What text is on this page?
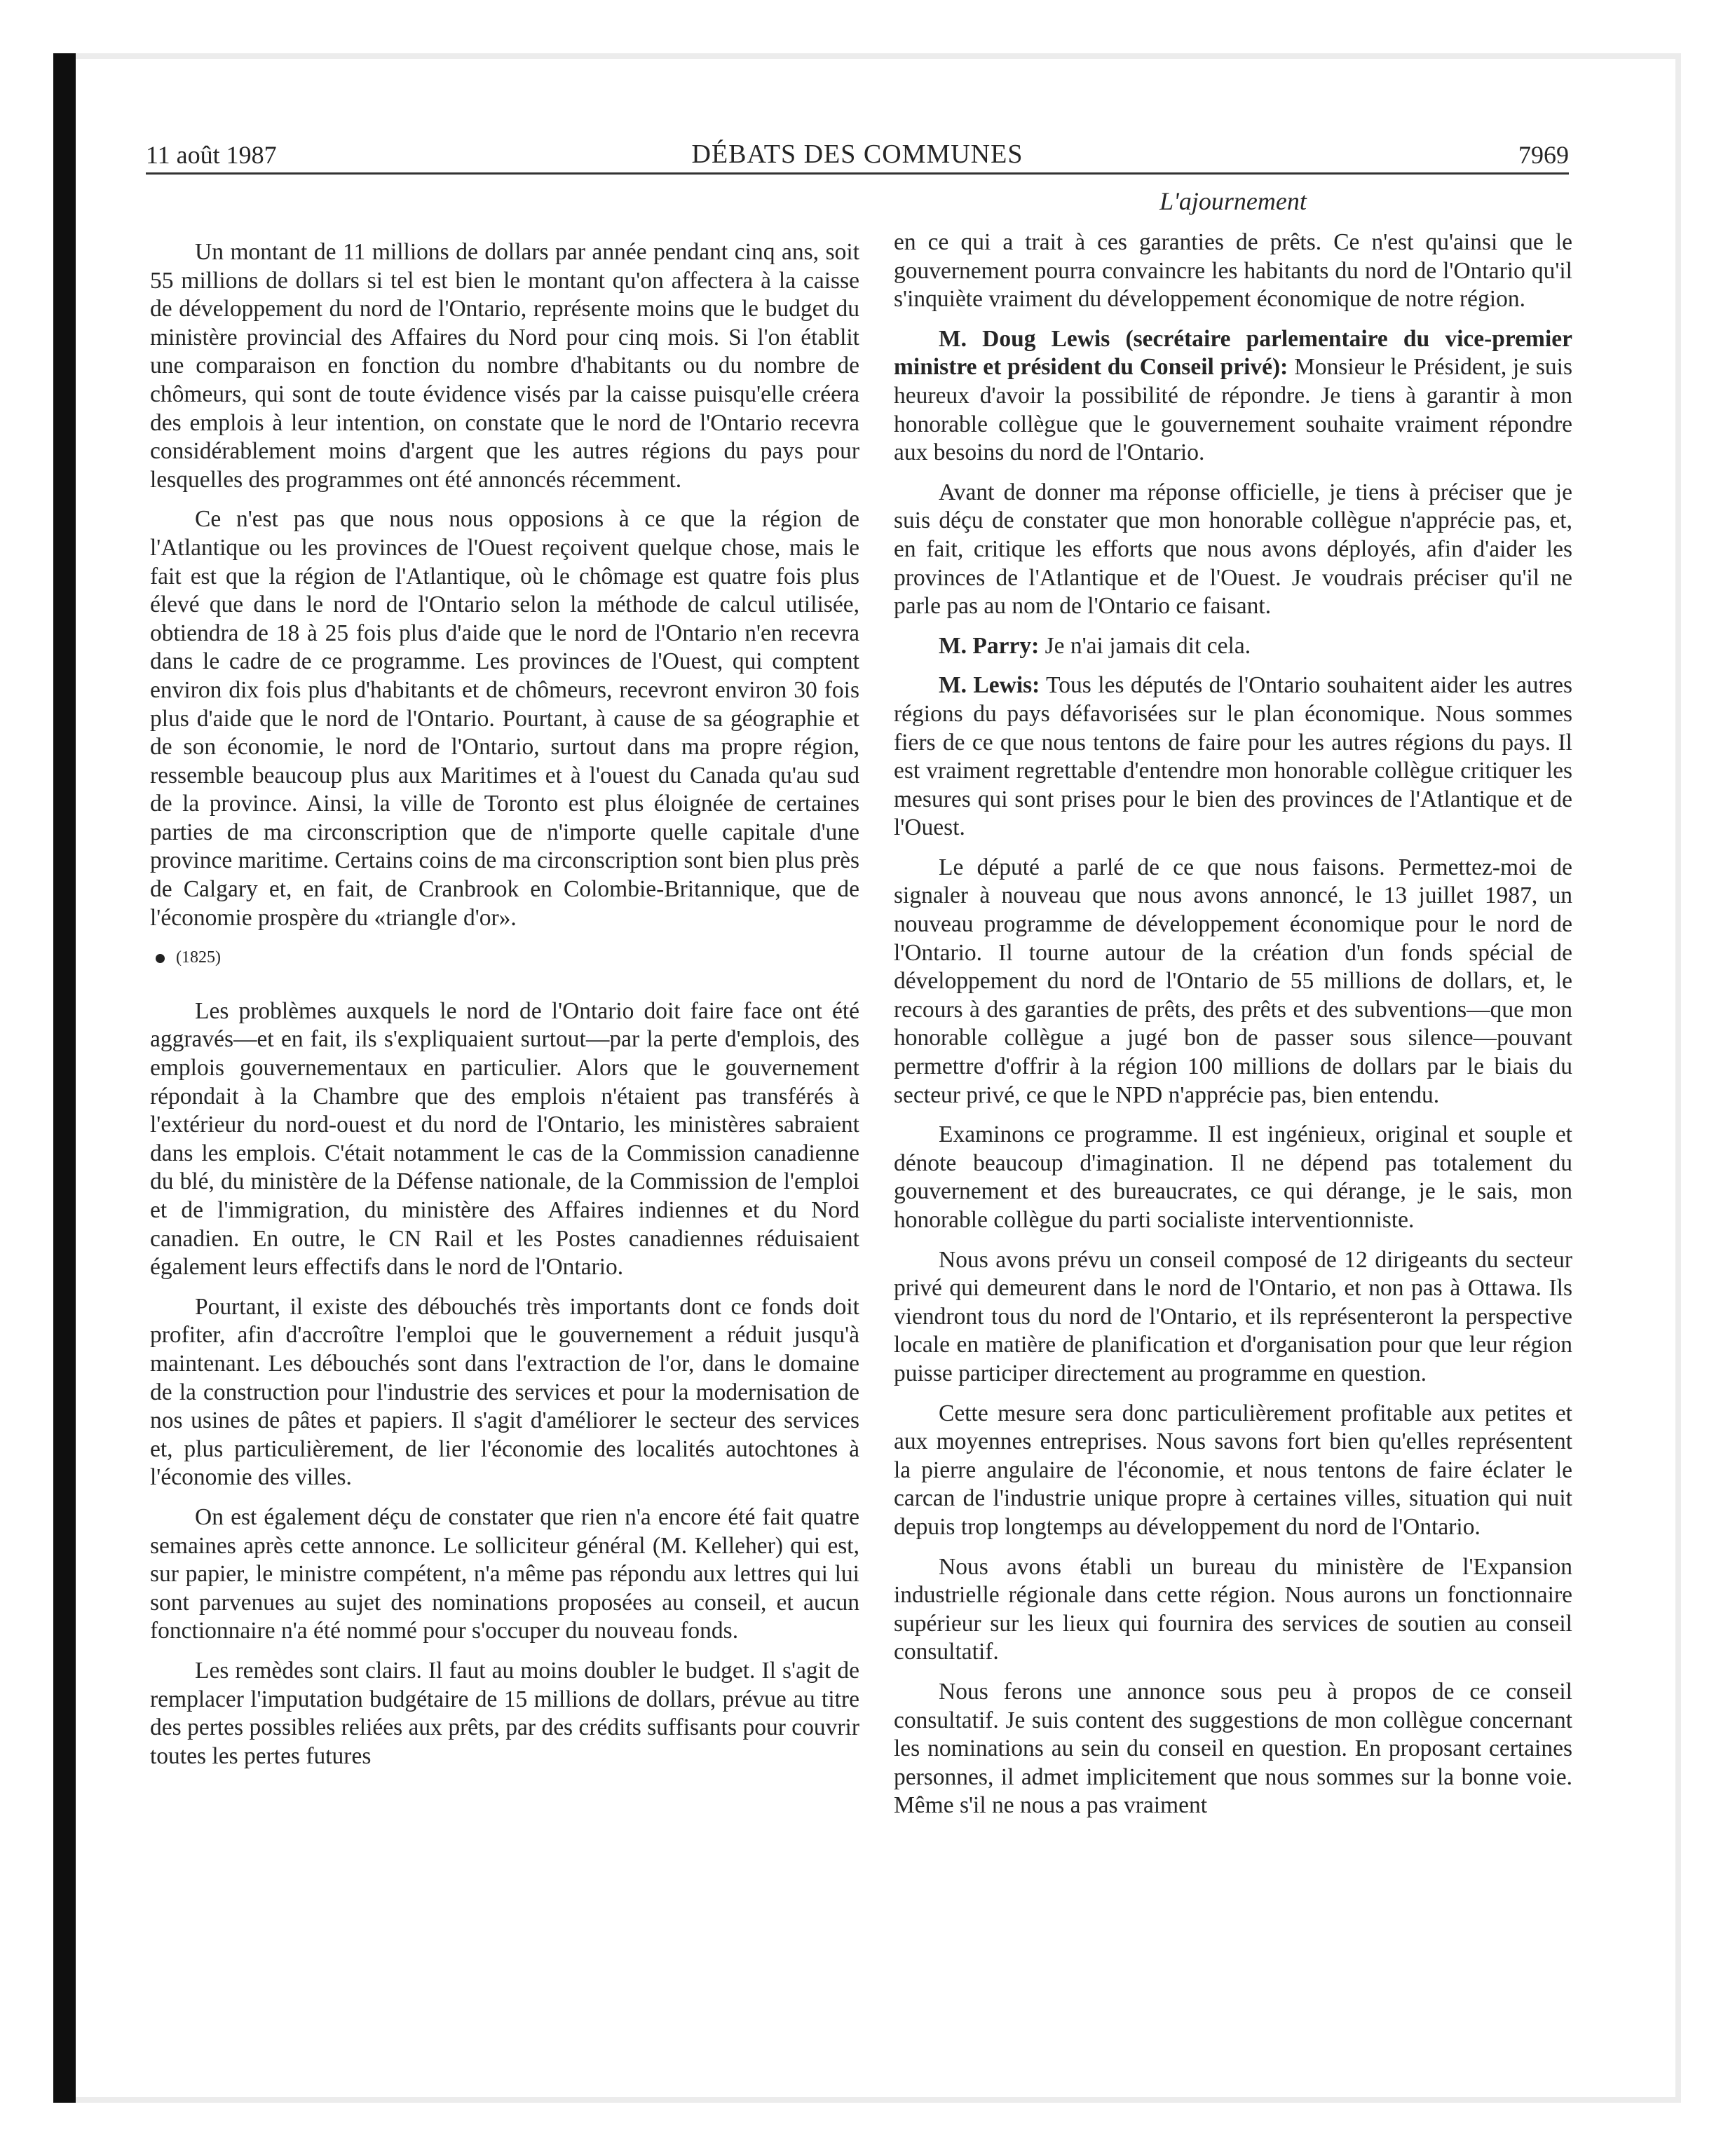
11 août 1987	DÉBATS DES COMMUNES	7969
L'ajournement

Un montant de 11 millions de dollars par année pendant cinq ans, soit 55 millions de dollars si tel est bien le montant qu'on affectera à la caisse de développement du nord de l'Ontario, représente moins que le budget du ministère provincial des Affaires du Nord pour cinq mois. Si l'on établit une comparaison en fonction du nombre d'habitants ou du nombre de chômeurs, qui sont de toute évidence visés par la caisse puisqu'elle créera des emplois à leur intention, on constate que le nord de l'Ontario recevra considérablement moins d'argent que les autres régions du pays pour lesquelles des programmes ont été annoncés récemment.

Ce n'est pas que nous nous opposions à ce que la région de l'Atlantique ou les provinces de l'Ouest reçoivent quelque chose, mais le fait est que la région de l'Atlantique, où le chômage est quatre fois plus élevé que dans le nord de l'Ontario selon la méthode de calcul utilisée, obtiendra de 18 à 25 fois plus d'aide que le nord de l'Ontario n'en recevra dans le cadre de ce programme. Les provinces de l'Ouest, qui comptent environ dix fois plus d'habitants et de chômeurs, recevront environ 30 fois plus d'aide que le nord de l'Ontario. Pourtant, à cause de sa géographie et de son économie, le nord de l'Ontario, surtout dans ma propre région, ressemble beaucoup plus aux Maritimes et à l'ouest du Canada qu'au sud de la province. Ainsi, la ville de Toronto est plus éloignée de certaines parties de ma circonscription que de n'importe quelle capitale d'une province maritime. Certains coins de ma circonscription sont bien plus près de Calgary et, en fait, de Cranbrook en Colombie-Britannique, que de l'économie prospère du «triangle d'or».

(1825)

Les problèmes auxquels le nord de l'Ontario doit faire face ont été aggravés—et en fait, ils s'expliquaient surtout—par la perte d'emplois, des emplois gouvernementaux en particulier. Alors que le gouvernement répondait à la Chambre que des emplois n'étaient pas transférés à l'extérieur du nord-ouest et du nord de l'Ontario, les ministères sabraient dans les emplois. C'était notamment le cas de la Commission canadienne du blé, du ministère de la Défense nationale, de la Commission de l'emploi et de l'immigration, du ministère des Affaires indiennes et du Nord canadien. En outre, le CN Rail et les Postes canadiennes réduisaient également leurs effectifs dans le nord de l'Ontario.

Pourtant, il existe des débouchés très importants dont ce fonds doit profiter, afin d'accroître l'emploi que le gouvernement a réduit jusqu'à maintenant. Les débouchés sont dans l'extraction de l'or, dans le domaine de la construction pour l'industrie des services et pour la modernisation de nos usines de pâtes et papiers. Il s'agit d'améliorer le secteur des services et, plus particulièrement, de lier l'économie des localités autochtones à l'économie des villes.

On est également déçu de constater que rien n'a encore été fait quatre semaines après cette annonce. Le solliciteur général (M. Kelleher) qui est, sur papier, le ministre compétent, n'a même pas répondu aux lettres qui lui sont parvenues au sujet des nominations proposées au conseil, et aucun fonctionnaire n'a été nommé pour s'occuper du nouveau fonds.

Les remèdes sont clairs. Il faut au moins doubler le budget. Il s'agit de remplacer l'imputation budgétaire de 15 millions de dollars, prévue au titre des pertes possibles reliées aux prêts, par des crédits suffisants pour couvrir toutes les pertes futures

en ce qui a trait à ces garanties de prêts. Ce n'est qu'ainsi que le gouvernement pourra convaincre les habitants du nord de l'Ontario qu'il s'inquiète vraiment du développement économique de notre région.

M. Doug Lewis (secrétaire parlementaire du vice-premier ministre et président du Conseil privé): Monsieur le Président, je suis heureux d'avoir la possibilité de répondre. Je tiens à garantir à mon honorable collègue que le gouvernement souhaite vraiment répondre aux besoins du nord de l'Ontario.

Avant de donner ma réponse officielle, je tiens à préciser que je suis déçu de constater que mon honorable collègue n'apprécie pas, et, en fait, critique les efforts que nous avons déployés, afin d'aider les provinces de l'Atlantique et de l'Ouest. Je voudrais préciser qu'il ne parle pas au nom de l'Ontario ce faisant.

M. Parry: Je n'ai jamais dit cela.

M. Lewis: Tous les députés de l'Ontario souhaitent aider les autres régions du pays défavorisées sur le plan économique. Nous sommes fiers de ce que nous tentons de faire pour les autres régions du pays. Il est vraiment regrettable d'entendre mon honorable collègue critiquer les mesures qui sont prises pour le bien des provinces de l'Atlantique et de l'Ouest.

Le député a parlé de ce que nous faisons. Permettez-moi de signaler à nouveau que nous avons annoncé, le 13 juillet 1987, un nouveau programme de développement économique pour le nord de l'Ontario. Il tourne autour de la création d'un fonds spécial de développement du nord de l'Ontario de 55 millions de dollars, et, le recours à des garanties de prêts, des prêts et des subventions—que mon honorable collègue a jugé bon de passer sous silence—pouvant permettre d'offrir à la région 100 millions de dollars par le biais du secteur privé, ce que le NPD n'apprécie pas, bien entendu.

Examinons ce programme. Il est ingénieux, original et souple et dénote beaucoup d'imagination. Il ne dépend pas totalement du gouvernement et des bureaucrates, ce qui dérange, je le sais, mon honorable collègue du parti socialiste interventionniste.

Nous avons prévu un conseil composé de 12 dirigeants du secteur privé qui demeurent dans le nord de l'Ontario, et non pas à Ottawa. Ils viendront tous du nord de l'Ontario, et ils représenteront la perspective locale en matière de planification et d'organisation pour que leur région puisse participer directement au programme en question.

Cette mesure sera donc particulièrement profitable aux petites et aux moyennes entreprises. Nous savons fort bien qu'elles représentent la pierre angulaire de l'économie, et nous tentons de faire éclater le carcan de l'industrie unique propre à certaines villes, situation qui nuit depuis trop longtemps au développement du nord de l'Ontario.

Nous avons établi un bureau du ministère de l'Expansion industrielle régionale dans cette région. Nous aurons un fonctionnaire supérieur sur les lieux qui fournira des services de soutien au conseil consultatif.

Nous ferons une annonce sous peu à propos de ce conseil consultatif. Je suis content des suggestions de mon collègue concernant les nominations au sein du conseil en question. En proposant certaines personnes, il admet implicitement que nous sommes sur la bonne voie. Même s'il ne nous a pas vraiment
